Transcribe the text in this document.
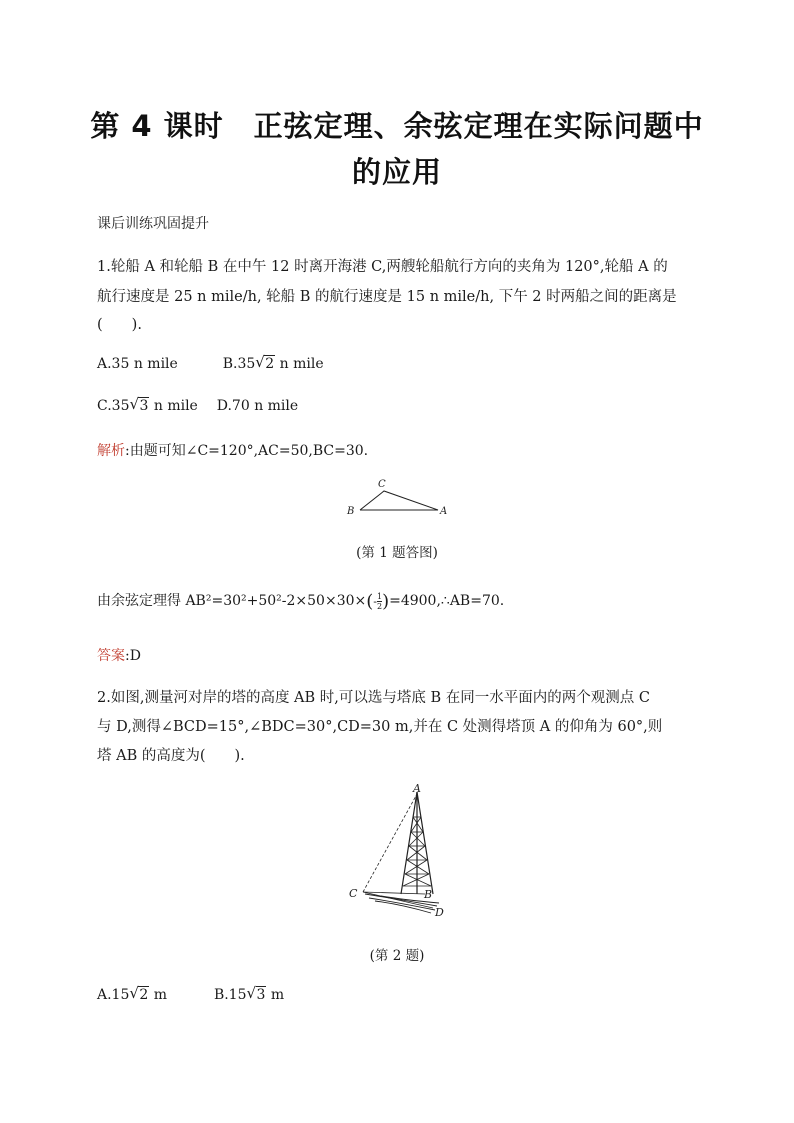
第 4 课时　正弦定理、余弦定理在实际问题中
的应用
课后训练巩固提升
1.轮船 A 和轮船 B 在中午 12 时离开海港 C,两艘轮船航行方向的夹角为 120°,轮船 A 的
航行速度是 25 n mile/h, 轮船 B 的航行速度是 15 n mile/h, 下午 2 时两船之间的距离是
(　　).
A.35 n mile	B.35 √ 2 n mile
C.35 √ 3 n mile D.70 n mile
解析:由题可知∠C=120°,AC=50,BC=30.
C
B	A
(第 1 题答图)
由余弦定理得 $AB^2=30^2+50^2-2\times 50\times 30\times(- \frac{1}{2}$ )=4900,∴AB=70.
答案:D
2.如图,测量河对岸的塔的高度 AB 时,可以选与塔底 B 在同一水平面内的两个观测点 C
与 D,测得∠BCD=15°,∠BDC=30°,CD=30 m,并在 C 处测得塔顶 A 的仰角为 60°,则
塔 AB 的高度为(　　).
A
C	B
D
(第 2 题)
A.15 √ 2 m	B.15 √ 3 m
